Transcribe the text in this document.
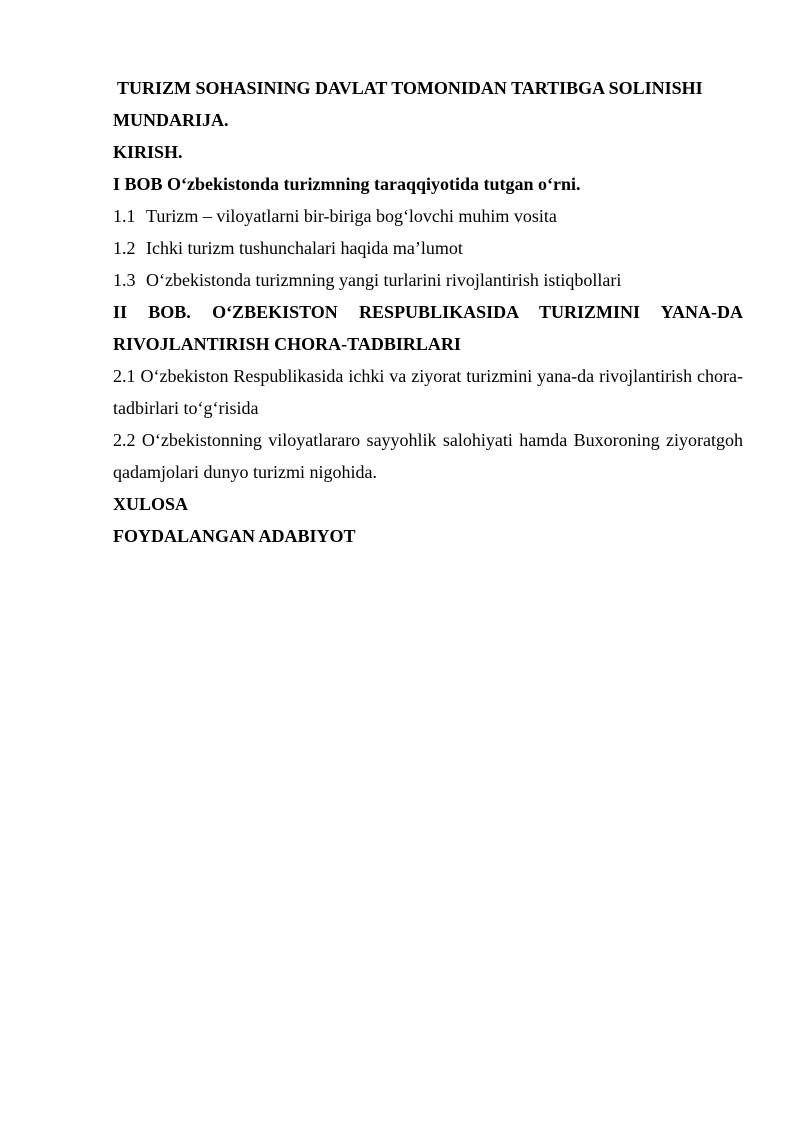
TURIZM SOHASINING DAVLAT TOMONIDAN TARTIBGA SOLINISHI

MUNDARIJA.

KIRISH.

I BOB O‘zbekistonda turizmning taraqqiyotida tutgan o‘rni.

1.1 Turizm – viloyatlarni bir-biriga bog‘lovchi muhim vosita

1.2 Ichki turizm tushunchalari haqida ma’lumot

1.3 O‘zbekistonda turizmning yangi turlarini rivojlantirish istiqbollari

II BOB. O‘ZBEKISTON RESPUBLIKASIDA TURIZMINI YANA-DA RIVOJLANTIRISH CHORA-TADBIRLARI

2.1 O‘zbekiston Respublikasida ichki va ziyorat turizmini yana-da rivojlantirish chora-tadbirlari to‘g‘risida

2.2 O‘zbekistonning viloyatlararo sayyohlik salohiyati hamda Buxoroning ziyoratgoh qadamjolari dunyo turizmi nigohida.

XULOSA

FOYDALANGAN ADABIYOT
